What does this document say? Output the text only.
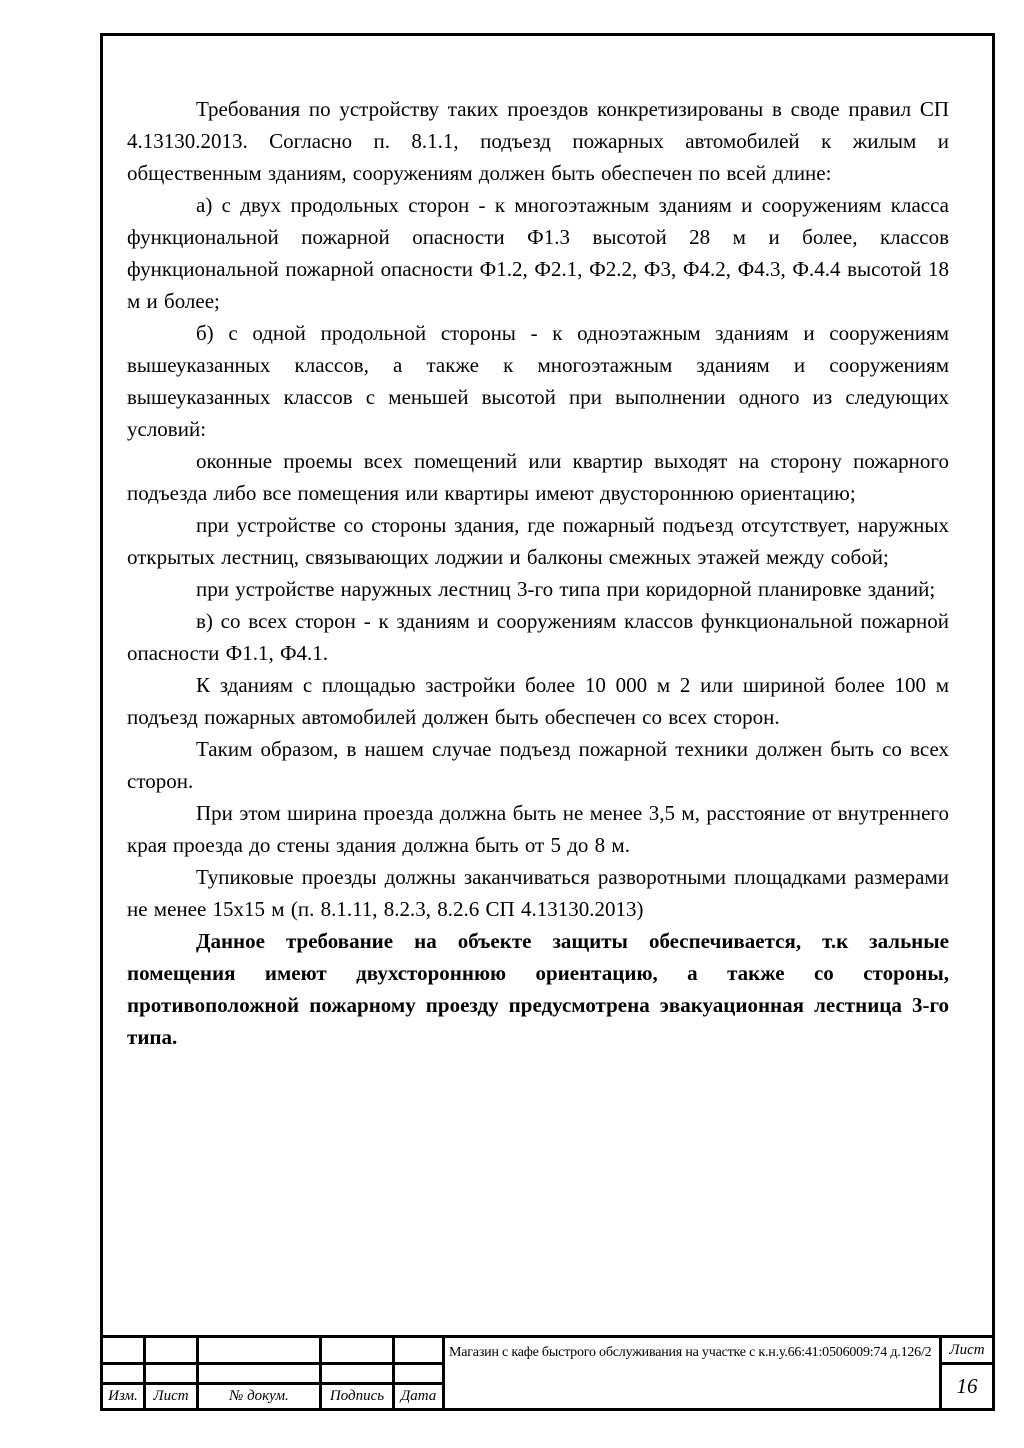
Требования по устройству таких проездов конкретизированы в своде правил СП 4.13130.2013. Согласно п. 8.1.1, подъезд пожарных автомобилей к жилым и общественным зданиям, сооружениям должен быть обеспечен по всей длине:

а) с двух продольных сторон - к многоэтажным зданиям и сооружениям класса функциональной пожарной опасности Ф1.3 высотой 28 м и более, классов функциональной пожарной опасности Ф1.2, Ф2.1, Ф2.2, Ф3, Ф4.2, Ф4.3, Ф.4.4 высотой 18 м и более;

б) с одной продольной стороны - к одноэтажным зданиям и сооружениям вышеуказанных классов, а также к многоэтажным зданиям и сооружениям вышеуказанных классов с меньшей высотой при выполнении одного из следующих условий:

оконные проемы всех помещений или квартир выходят на сторону пожарного подъезда либо все помещения или квартиры имеют двустороннюю ориентацию;

при устройстве со стороны здания, где пожарный подъезд отсутствует, наружных открытых лестниц, связывающих лоджии и балконы смежных этажей между собой;

при устройстве наружных лестниц 3-го типа при коридорной планировке зданий;

в) со всех сторон - к зданиям и сооружениям классов функциональной пожарной опасности Ф1.1, Ф4.1.

К зданиям с площадью застройки более 10 000 м 2 или шириной более 100 м подъезд пожарных автомобилей должен быть обеспечен со всех сторон.

Таким образом, в нашем случае подъезд пожарной техники должен быть со всех сторон.

При этом ширина проезда должна быть не менее 3,5 м, расстояние от внутреннего края проезда до стены здания должна быть от 5 до 8 м.

Тупиковые проезды должны заканчиваться разворотными площадками размерами не менее 15х15 м (п. 8.1.11, 8.2.3, 8.2.6 СП 4.13130.2013)

Данное требование на объекте защиты обеспечивается, т.к зальные помещения имеют двухстороннюю ориентацию, а также со стороны, противоположной пожарному проезду предусмотрена эвакуационная лестница 3-го типа.

Изм.	Лист	№ докум.	Подпись	Дата
Магазин с кафе быстрого обслуживания на участке с к.н.у.66:41:0506009:74 д.126/2	Лист
16
